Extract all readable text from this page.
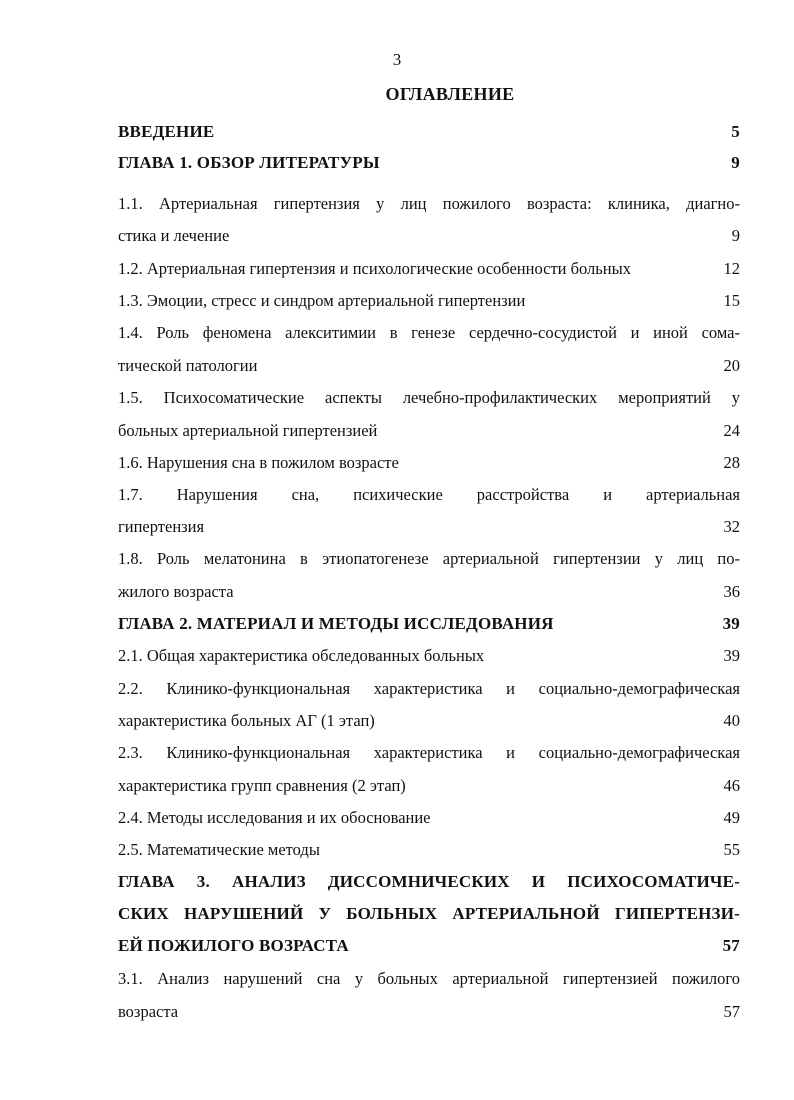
3
ОГЛАВЛЕНИЕ
ВВЕДЕНИЕ	5
ГЛАВА 1. ОБЗОР ЛИТЕРАТУРЫ	9
1.1. Артериальная гипертензия у лиц пожилого возраста: клиника, диагно-
стика и лечение	9
1.2. Артериальная гипертензия и психологические особенности больных	12
1.3. Эмоции, стресс и синдром артериальной гипертензии	15
1.4. Роль феномена алекситимии в генезе сердечно-сосудистой и иной сома-
тической патологии	20
1.5. Психосоматические аспекты лечебно-профилактических мероприятий у
больных артериальной гипертензией	24
1.6. Нарушения сна в пожилом возрасте	28
1.7. Нарушения сна, психические расстройства и артериальная
гипертензия	32
1.8. Роль мелатонина в этиопатогенезе артериальной гипертензии у лиц по-
жилого возраста	36
ГЛАВА 2. МАТЕРИАЛ И МЕТОДЫ ИССЛЕДОВАНИЯ	39
2.1. Общая характеристика обследованных больных	39
2.2. Клинико-функциональная характеристика и социально-демографическая
характеристика больных АГ (1 этап)	40
2.3. Клинико-функциональная характеристика и социально-демографическая
характеристика групп сравнения (2 этап)	46
2.4. Методы исследования и их обоснование	49
2.5. Математические методы	55
ГЛАВА 3. АНАЛИЗ ДИССОМНИЧЕСКИХ И ПСИХОСОМАТИЧЕ-
СКИХ НАРУШЕНИЙ У БОЛЬНЫХ АРТЕРИАЛЬНОЙ ГИПЕРТЕНЗИ-
ЕЙ ПОЖИЛОГО ВОЗРАСТА	57
3.1. Анализ нарушений сна у больных артериальной гипертензией пожилого
возраста	57
